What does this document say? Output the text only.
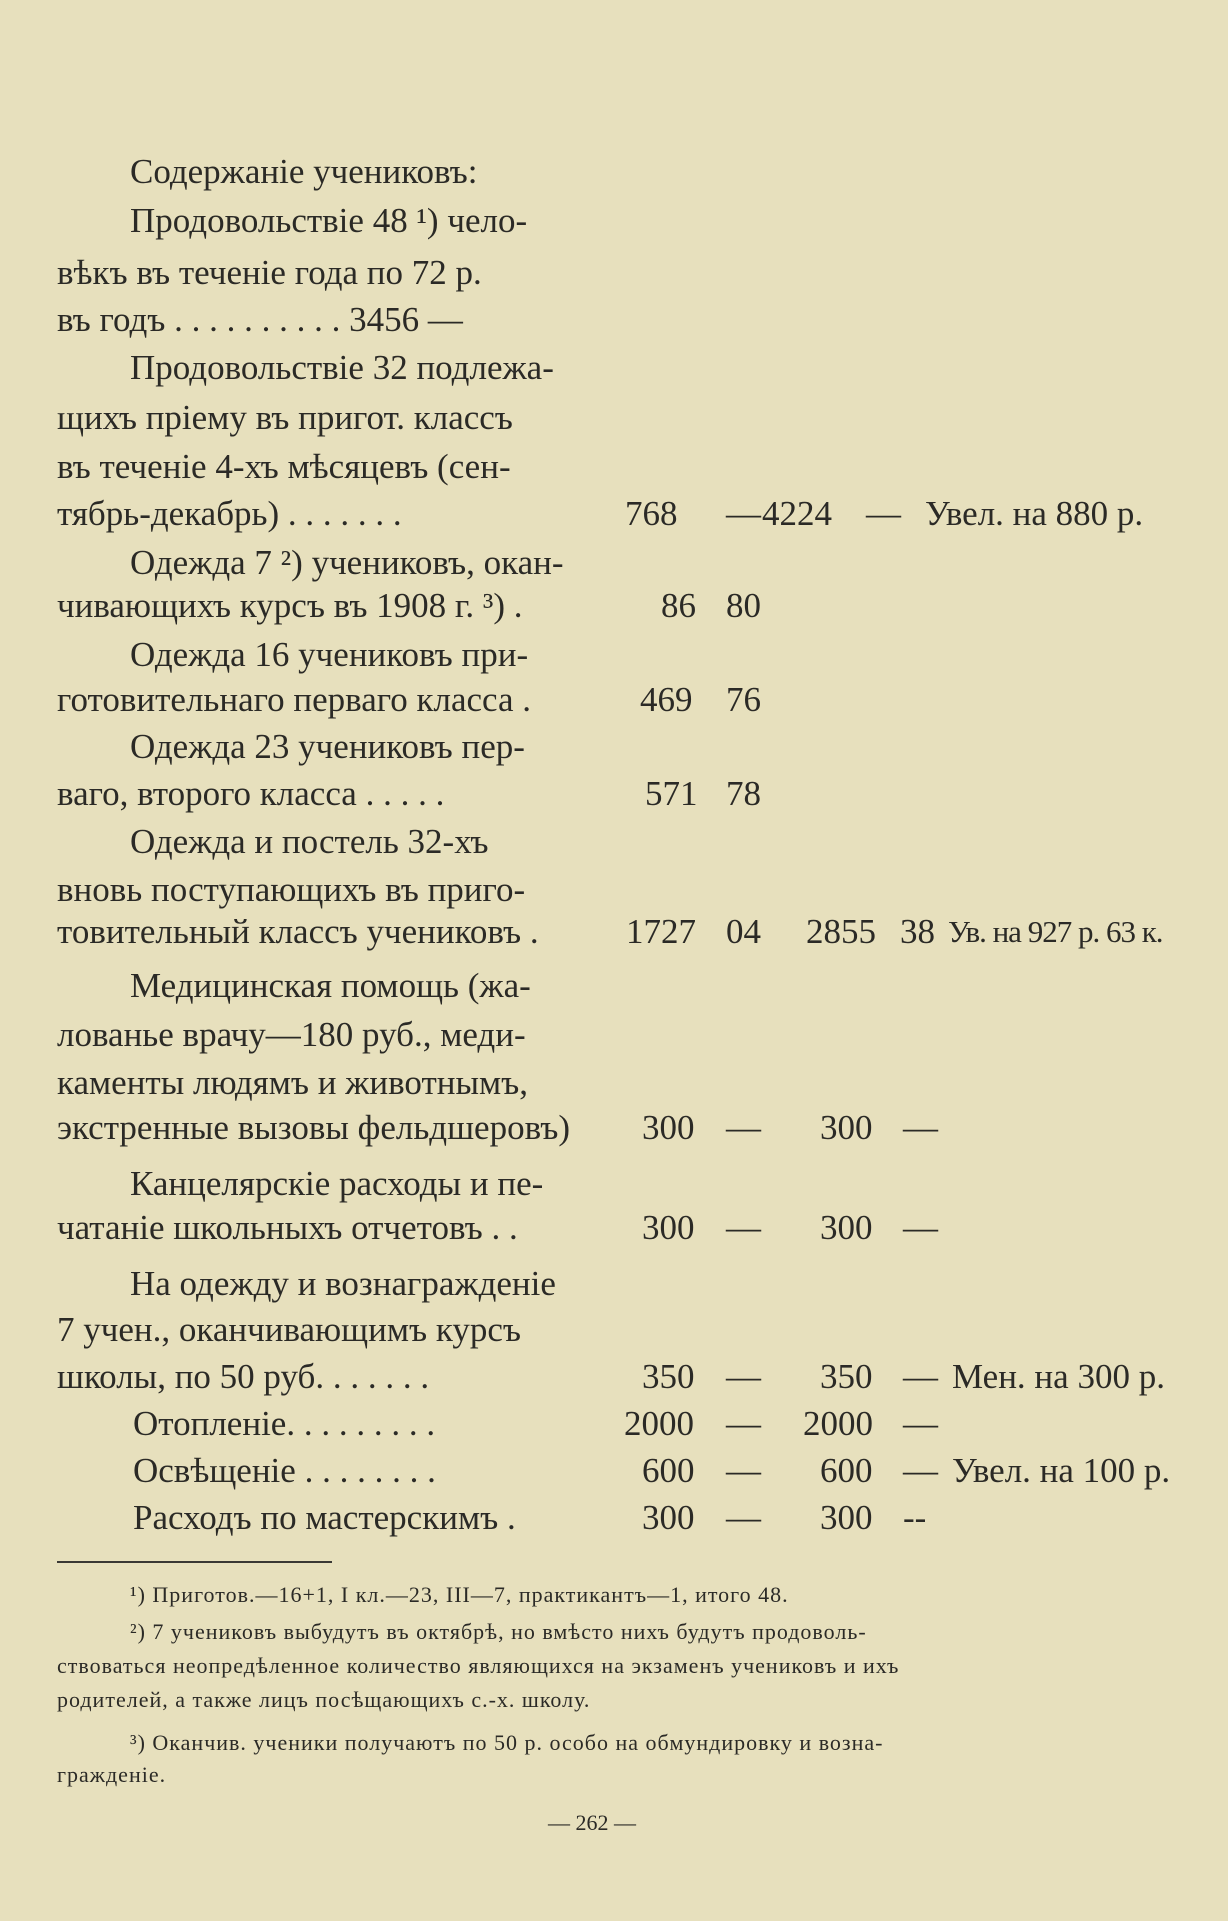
Содержаніе учениковъ:
Продовольствіе 48 ¹) чело-
вѣкъ въ теченіе года по 72 р.
въ годъ . . . . . . . . . . 3456 —
Продовольствіе 32 подлежа-
щихъ пріему въ пригот. классъ
въ теченіе 4-хъ мѣсяцевъ (сен-
тябрь-декабрь) . . . . . . .	768 — 4224 — Увел. на 880 р.
Одежда 7 ²) учениковъ, окан-
чивающихъ курсъ въ 1908 г. ³) .	86 80
Одежда 16 учениковъ при-
готовительнаго перваго класса .	469 76
Одежда 23 учениковъ пер-
ваго, второго класса . . . . .	571 78
Одежда и постель 32-хъ
вновь поступающихъ въ приго-
товительный классъ учениковъ . 1727 04 2855 38 Ув. на 927 р. 63 к.
Медицинская помощь (жа-
лованье врачу—180 руб., меди-
каменты людямъ и животнымъ,
экстренные вызовы фельдшеровъ) 300 — 300 —
Канцелярскіе расходы и пе-
чатаніе школьныхъ отчетовъ . .	300 — 300 —
На одежду и вознагражденіе
7 учен., оканчивающимъ курсъ
школы, по 50 руб. . . . . . .	350 — 350 — Мен. на 300 р.
Отопленіе. . . . . . . . .	2000 — 2000 —
Освѣщеніе . . . . . . . .	600 — 600 — Увел. на 100 р.
Расходъ по мастерскимъ .	300 — 300 --
¹) Приготов.—16+1, I кл.—23, III—7, практикантъ—1, итого 48.
²) 7 учениковъ выбудутъ въ октябрѣ, но вмѣсто нихъ будутъ продоволь-
ствоваться неопредѣленное количество являющихся на экзаменъ учениковъ и ихъ
родителей, а также лицъ посѣщающихъ с.-х. школу.
³) Оканчив. ученики получаютъ по 50 р. особо на обмундировку и возна-
гражденіе.
— 262 —
